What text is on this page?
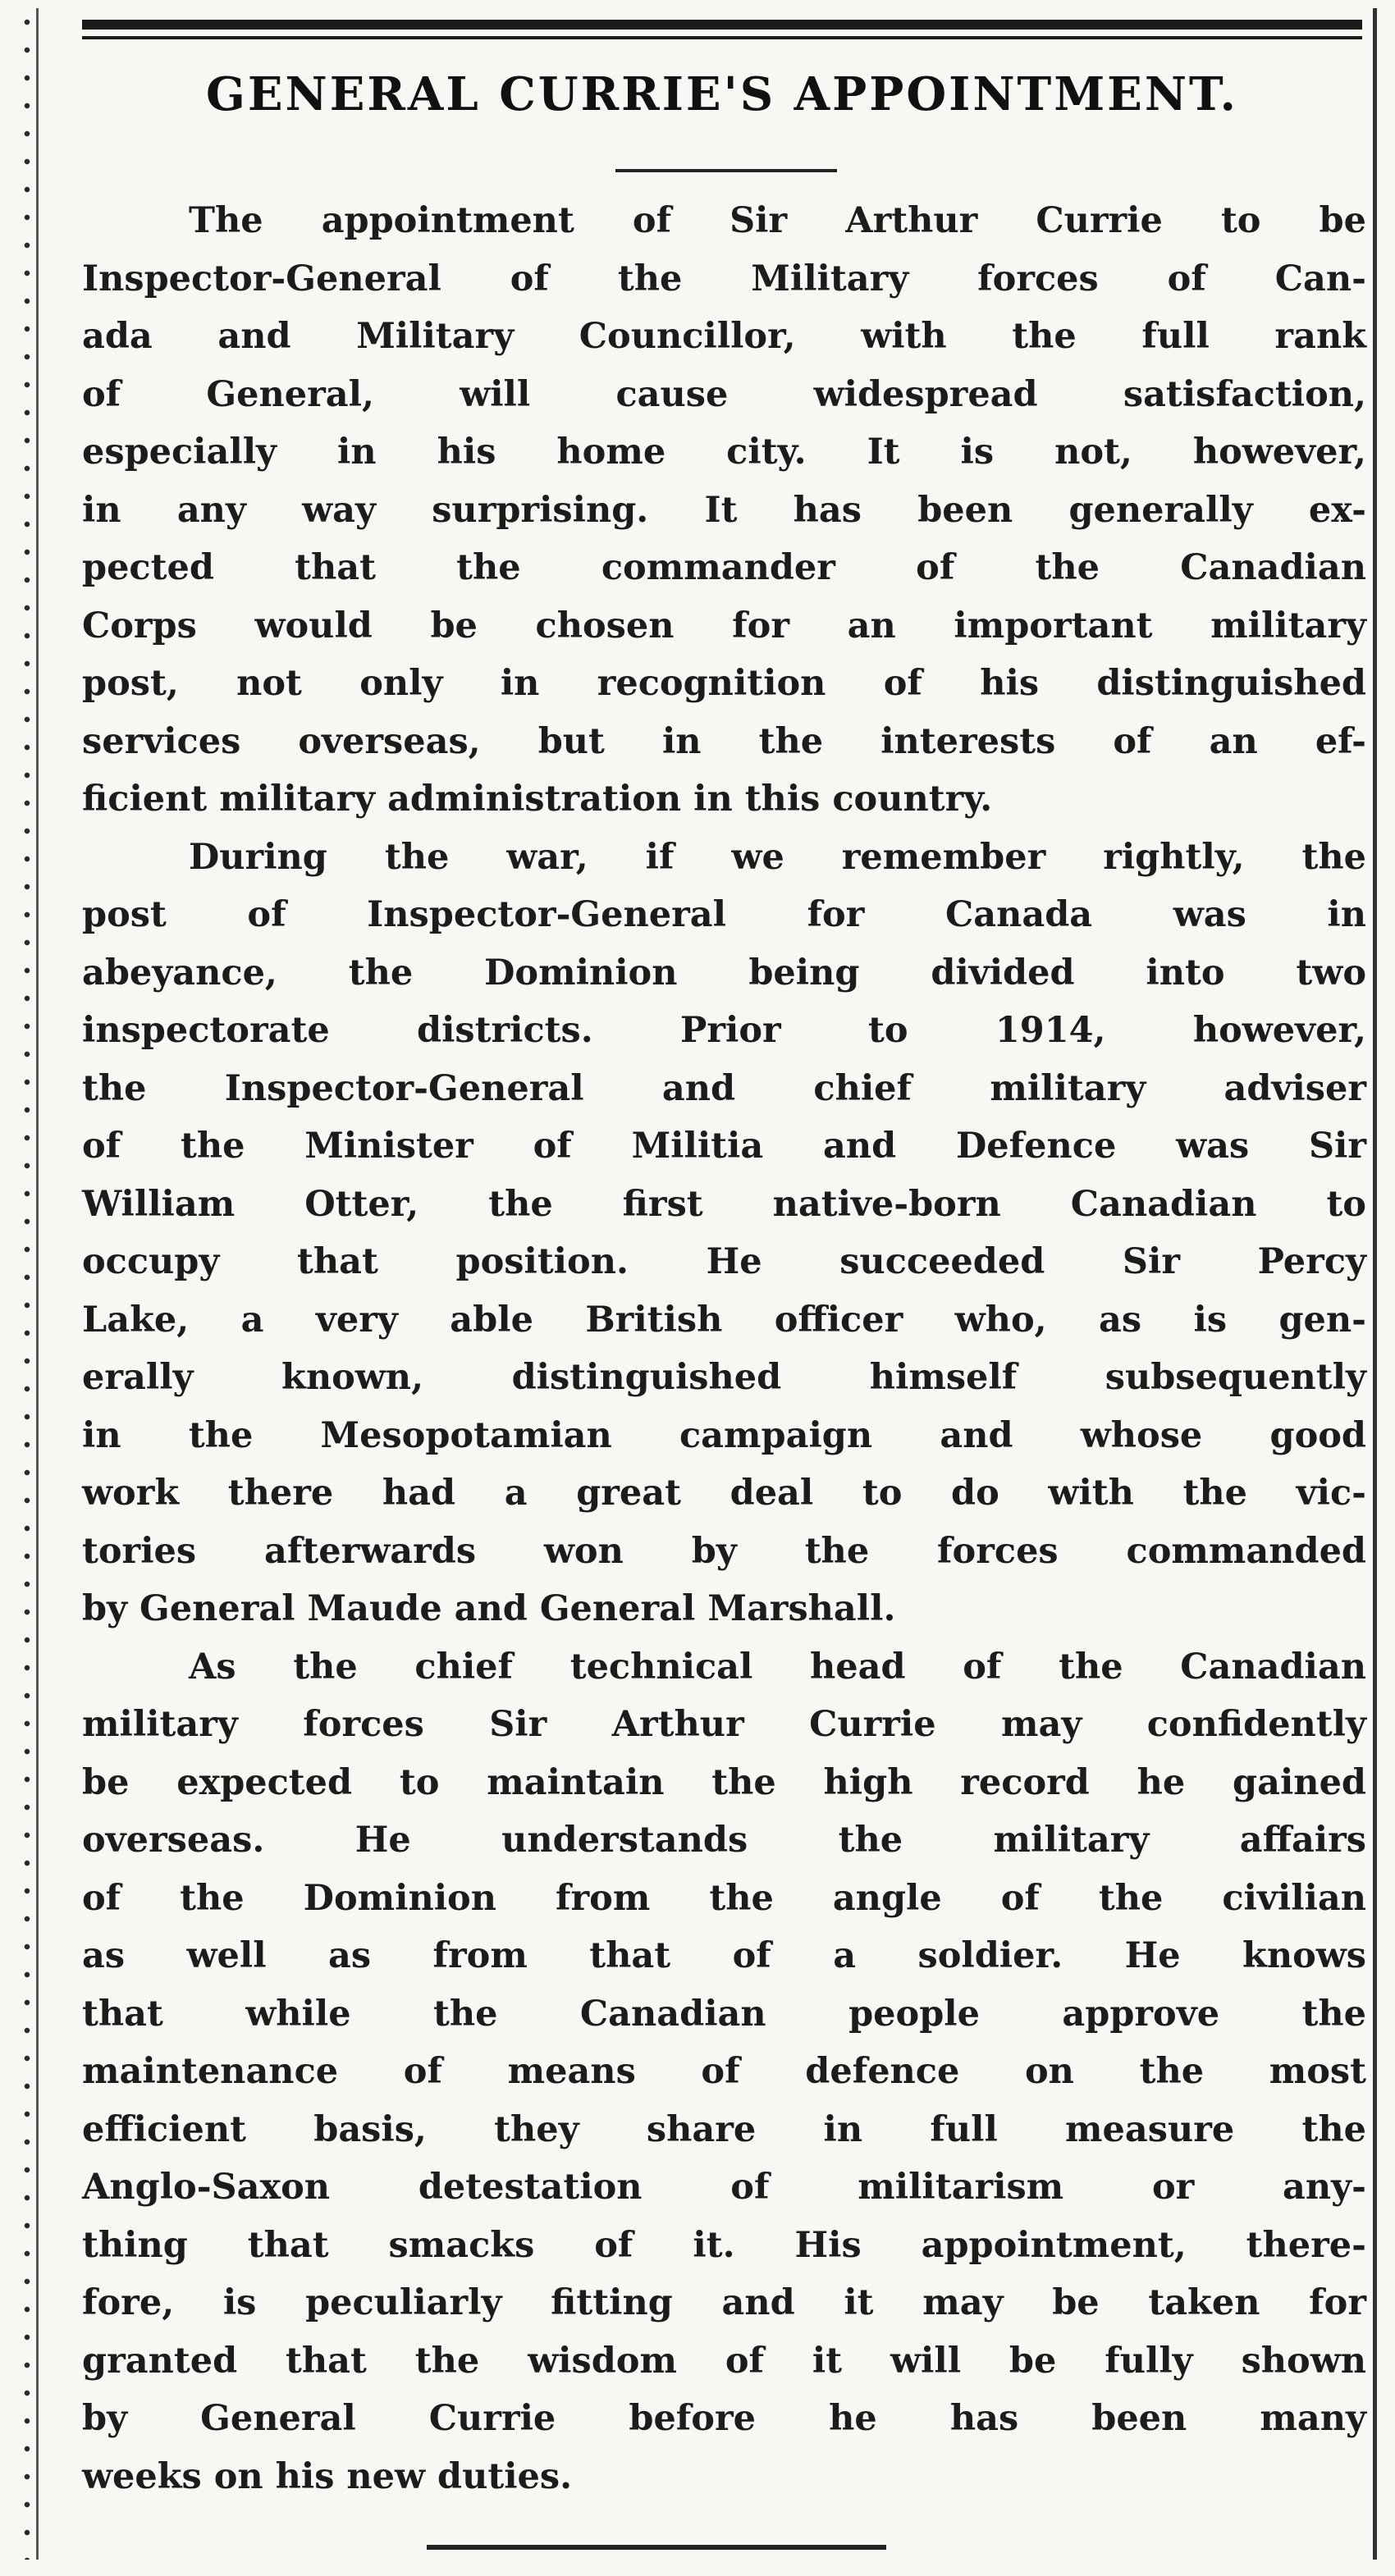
GENERAL CURRIE'S APPOINTMENT.
The appointment of Sir Arthur Currie to be
Inspector-General of the Military forces of Can-
ada and Military Councillor, with the full rank
of General, will cause widespread satisfaction,
especially in his home city. It is not, however,
in any way surprising. It has been generally ex-
pected that the commander of the Canadian
Corps would be chosen for an important military
post, not only in recognition of his distinguished
services overseas, but in the interests of an ef-
ficient military administration in this country.
During the war, if we remember rightly, the
post of Inspector-General for Canada was in
abeyance, the Dominion being divided into two
inspectorate districts. Prior to 1914, however,
the Inspector-General and chief military adviser
of the Minister of Militia and Defence was Sir
William Otter, the first native-born Canadian to
occupy that position. He succeeded Sir Percy
Lake, a very able British officer who, as is gen-
erally known, distinguished himself subsequently
in the Mesopotamian campaign and whose good
work there had a great deal to do with the vic-
tories afterwards won by the forces commanded
by General Maude and General Marshall.
As the chief technical head of the Canadian
military forces Sir Arthur Currie may confidently
be expected to maintain the high record he gained
overseas. He understands the military affairs
of the Dominion from the angle of the civilian
as well as from that of a soldier. He knows
that while the Canadian people approve the
maintenance of means of defence on the most
efficient basis, they share in full measure the
Anglo-Saxon detestation of militarism or any-
thing that smacks of it. His appointment, there-
fore, is peculiarly fitting and it may be taken for
granted that the wisdom of it will be fully shown
by General Currie before he has been many
weeks on his new duties.
